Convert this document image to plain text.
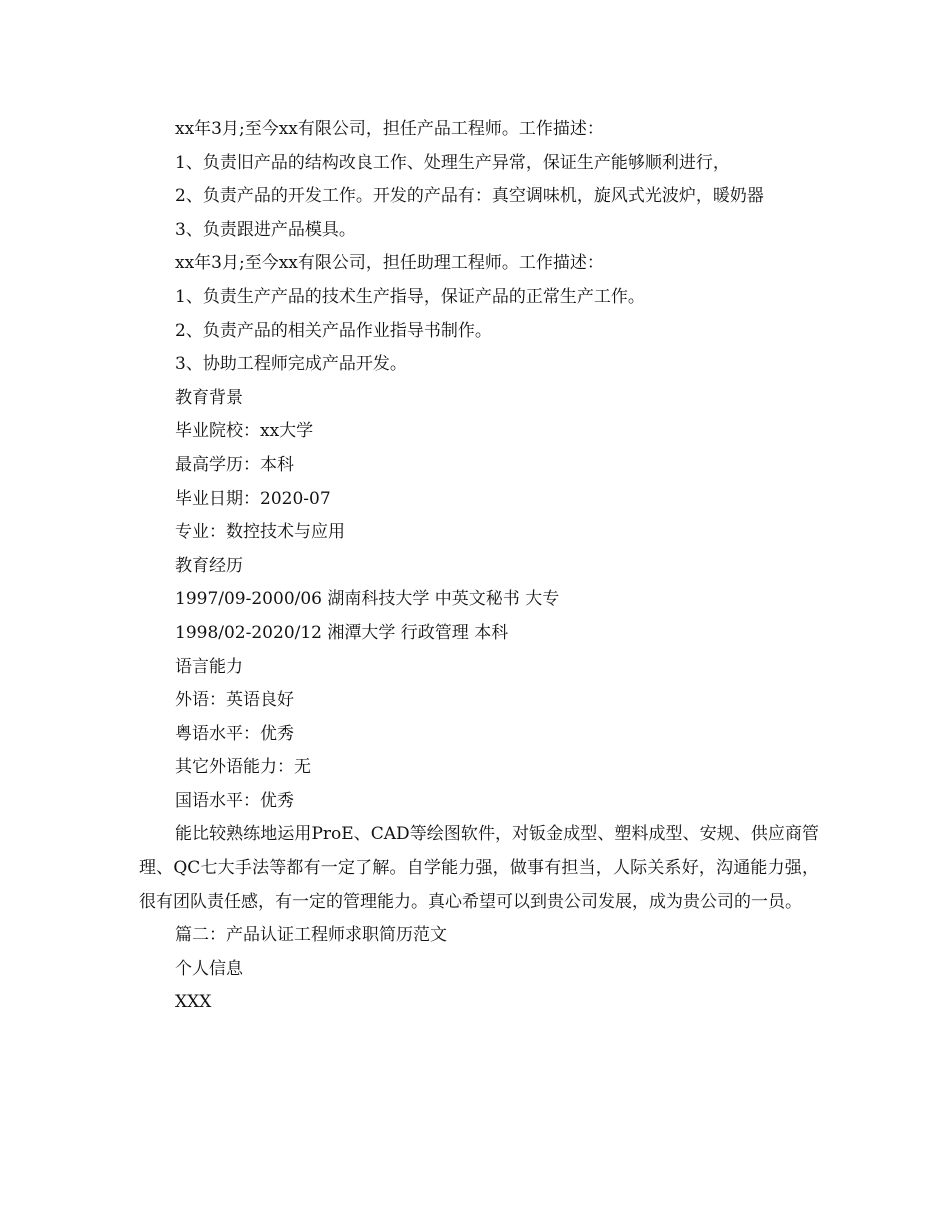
xx年3月;至今xx有限公司，担任产品工程师。工作描述：
1、负责旧产品的结构改良工作、处理生产异常，保证生产能够顺利进行，
2、负责产品的开发工作。开发的产品有：真空调味机，旋风式光波炉，暖奶器
3、负责跟进产品模具。
xx年3月;至今xx有限公司，担任助理工程师。工作描述：
1、负责生产产品的技术生产指导，保证产品的正常生产工作。
2、负责产品的相关产品作业指导书制作。
3、协助工程师完成产品开发。
教育背景
毕业院校：xx大学
最高学历：本科
毕业日期：2020-07
专业：数控技术与应用
教育经历
1997/09-2000/06 湖南科技大学 中英文秘书 大专
1998/02-2020/12 湘潭大学 行政管理 本科
语言能力
外语：英语良好
粤语水平：优秀
其它外语能力：无
国语水平：优秀
能比较熟练地运用ProE、CAD等绘图软件，对钣金成型、塑料成型、安规、供应商管理、QC七大手法等都有一定了解。自学能力强，做事有担当，人际关系好，沟通能力强，很有团队责任感，有一定的管理能力。真心希望可以到贵公司发展，成为贵公司的一员。
篇二：产品认证工程师求职简历范文
个人信息
XXX
